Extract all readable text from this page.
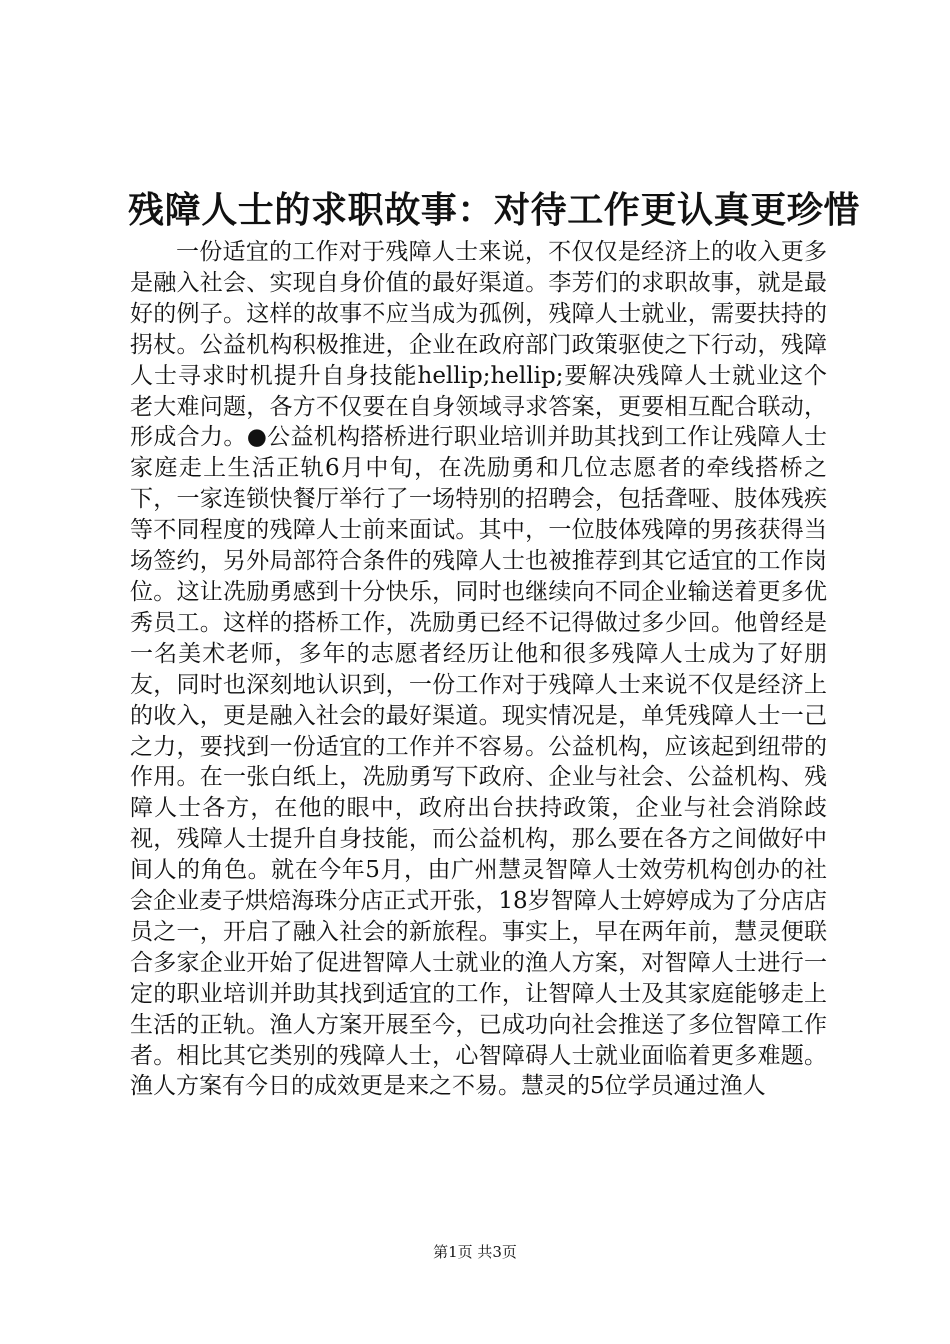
残障人士的求职故事：对待工作更认真更珍惜

一份适宜的工作对于残障人士来说，不仅仅是经济上的收入更多是融入社会、实现自身价值的最好渠道。李芳们的求职故事，就是最好的例子。这样的故事不应当成为孤例，残障人士就业，需要扶持的拐杖。公益机构积极推进，企业在政府部门政策驱使之下行动，残障人士寻求时机提升自身技能hellip;hellip;要解决残障人士就业这个老大难问题，各方不仅要在自身领域寻求答案，更要相互配合联动，形成合力。●公益机构搭桥进行职业培训并助其找到工作让残障人士家庭走上生活正轨6月中旬，在冼励勇和几位志愿者的牵线搭桥之下，一家连锁快餐厅举行了一场特别的招聘会，包括聋哑、肢体残疾等不同程度的残障人士前来面试。其中，一位肢体残障的男孩获得当场签约，另外局部符合条件的残障人士也被推荐到其它适宜的工作岗位。这让冼励勇感到十分快乐，同时也继续向不同企业输送着更多优秀员工。这样的搭桥工作，冼励勇已经不记得做过多少回。他曾经是一名美术老师，多年的志愿者经历让他和很多残障人士成为了好朋友，同时也深刻地认识到，一份工作对于残障人士来说不仅是经济上的收入，更是融入社会的最好渠道。现实情况是，单凭残障人士一己之力，要找到一份适宜的工作并不容易。公益机构，应该起到纽带的作用。在一张白纸上，冼励勇写下政府、企业与社会、公益机构、残障人士各方，在他的眼中，政府出台扶持政策，企业与社会消除歧视，残障人士提升自身技能，而公益机构，那么要在各方之间做好中间人的角色。就在今年5月，由广州慧灵智障人士效劳机构创办的社会企业麦子烘焙海珠分店正式开张，18岁智障人士婷婷成为了分店店员之一，开启了融入社会的新旅程。事实上，早在两年前，慧灵便联合多家企业开始了促进智障人士就业的渔人方案，对智障人士进行一定的职业培训并助其找到适宜的工作，让智障人士及其家庭能够走上生活的正轨。渔人方案开展至今，已成功向社会推送了多位智障工作者。相比其它类别的残障人士，心智障碍人士就业面临着更多难题。渔人方案有今日的成效更是来之不易。慧灵的5位学员通过渔人

第1页 共3页
